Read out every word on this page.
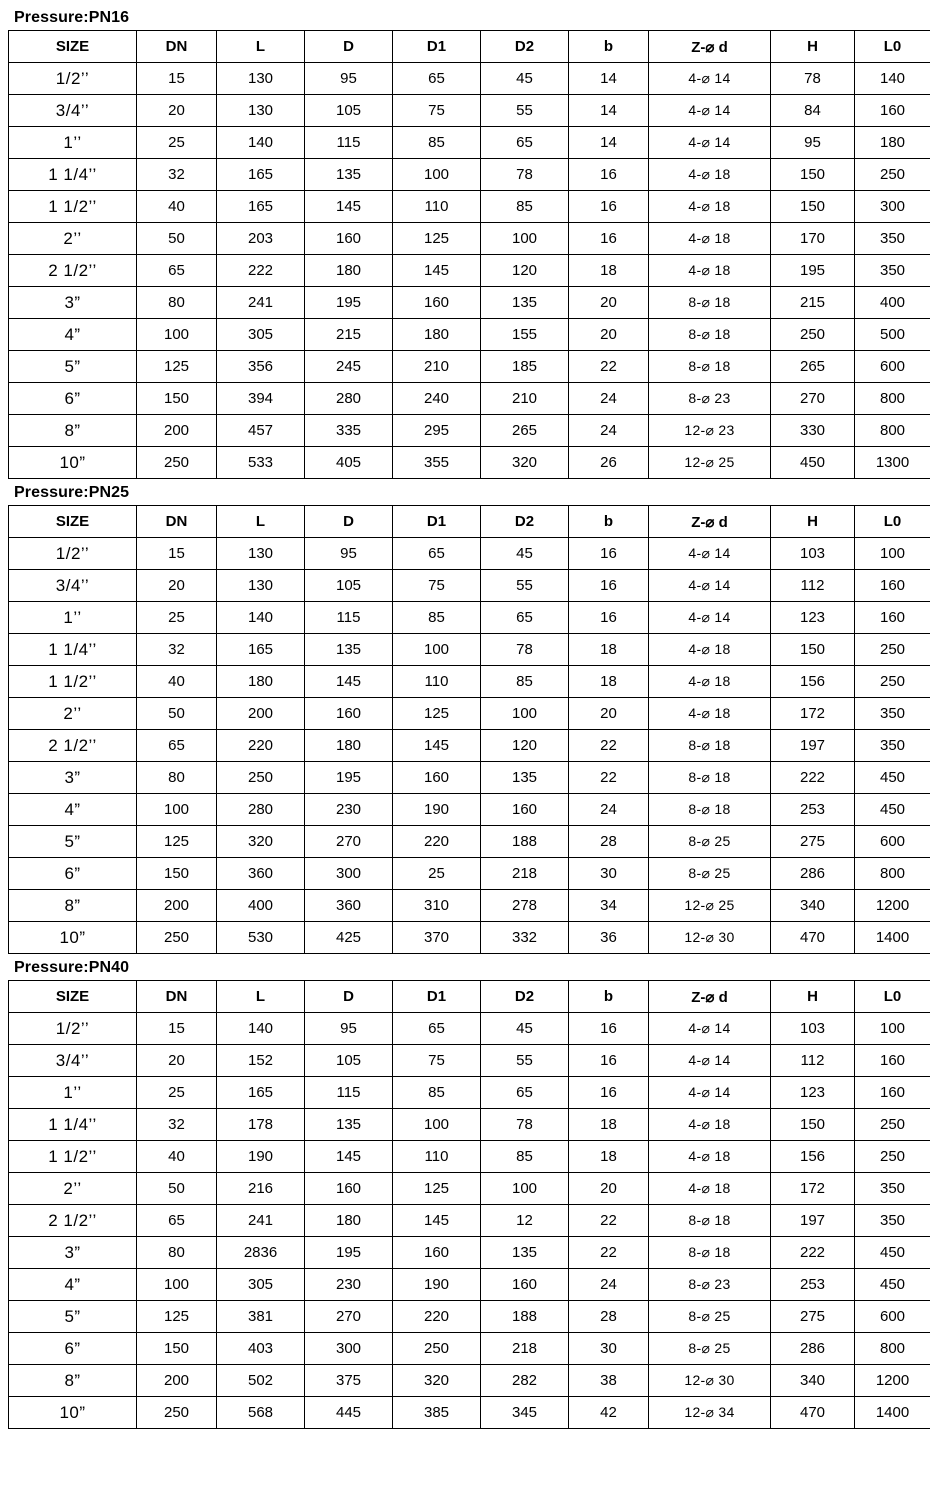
Pressure:PN16
SIZE	DN	L	D	D1	D2	b	Z-⌀ d	H	L0
1/2’’	15	130	95	65	45	14	4-⌀ 14	78	140
3/4’’	20	130	105	75	55	14	4-⌀ 14	84	160
1’’	25	140	115	85	65	14	4-⌀ 14	95	180
1 1/4’’	32	165	135	100	78	16	4-⌀ 18	150	250
1 1/2’’	40	165	145	110	85	16	4-⌀ 18	150	300
2’’	50	203	160	125	100	16	4-⌀ 18	170	350
2 1/2’’	65	222	180	145	120	18	4-⌀ 18	195	350
3”	80	241	195	160	135	20	8-⌀ 18	215	400
4”	100	305	215	180	155	20	8-⌀ 18	250	500
5”	125	356	245	210	185	22	8-⌀ 18	265	600
6”	150	394	280	240	210	24	8-⌀ 23	270	800
8”	200	457	335	295	265	24	12-⌀ 23	330	800
10”	250	533	405	355	320	26	12-⌀ 25	450	1300
Pressure:PN25
SIZE	DN	L	D	D1	D2	b	Z-⌀ d	H	L0
1/2’’	15	130	95	65	45	16	4-⌀ 14	103	100
3/4’’	20	130	105	75	55	16	4-⌀ 14	112	160
1’’	25	140	115	85	65	16	4-⌀ 14	123	160
1 1/4’’	32	165	135	100	78	18	4-⌀ 18	150	250
1 1/2’’	40	180	145	110	85	18	4-⌀ 18	156	250
2’’	50	200	160	125	100	20	4-⌀ 18	172	350
2 1/2’’	65	220	180	145	120	22	8-⌀ 18	197	350
3”	80	250	195	160	135	22	8-⌀ 18	222	450
4”	100	280	230	190	160	24	8-⌀ 18	253	450
5”	125	320	270	220	188	28	8-⌀ 25	275	600
6”	150	360	300	25	218	30	8-⌀ 25	286	800
8”	200	400	360	310	278	34	12-⌀ 25	340	1200
10”	250	530	425	370	332	36	12-⌀ 30	470	1400
Pressure:PN40
SIZE	DN	L	D	D1	D2	b	Z-⌀ d	H	L0
1/2’’	15	140	95	65	45	16	4-⌀ 14	103	100
3/4’’	20	152	105	75	55	16	4-⌀ 14	112	160
1’’	25	165	115	85	65	16	4-⌀ 14	123	160
1 1/4’’	32	178	135	100	78	18	4-⌀ 18	150	250
1 1/2’’	40	190	145	110	85	18	4-⌀ 18	156	250
2’’	50	216	160	125	100	20	4-⌀ 18	172	350
2 1/2’’	65	241	180	145	12	22	8-⌀ 18	197	350
3”	80	2836	195	160	135	22	8-⌀ 18	222	450
4”	100	305	230	190	160	24	8-⌀ 23	253	450
5”	125	381	270	220	188	28	8-⌀ 25	275	600
6”	150	403	300	250	218	30	8-⌀ 25	286	800
8”	200	502	375	320	282	38	12-⌀ 30	340	1200
10”	250	568	445	385	345	42	12-⌀ 34	470	1400
